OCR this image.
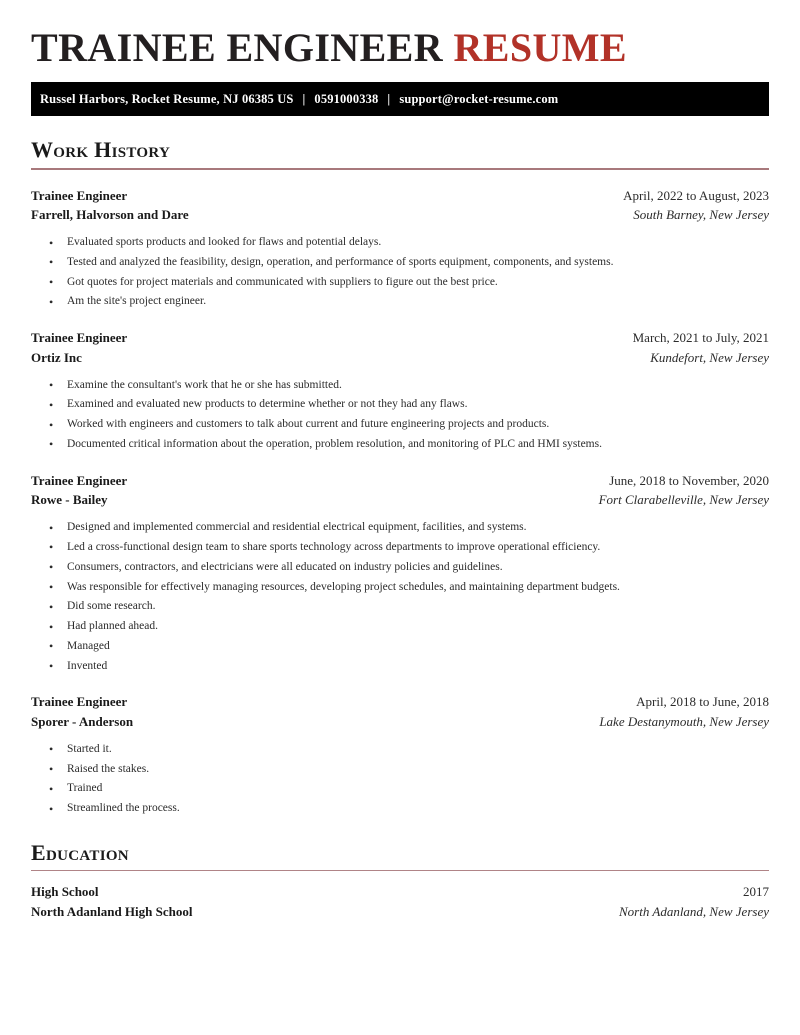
TRAINEE ENGINEER RESUME
Russel Harbors, Rocket Resume, NJ 06385 US | 0591000338 | support@rocket-resume.com
Work History
Trainee Engineer	April, 2022 to August, 2023
Farrell, Halvorson and Dare	South Barney, New Jersey
• Evaluated sports products and looked for flaws and potential delays.
• Tested and analyzed the feasibility, design, operation, and performance of sports equipment, components, and systems.
• Got quotes for project materials and communicated with suppliers to figure out the best price.
• Am the site's project engineer.
Trainee Engineer	March, 2021 to July, 2021
Ortiz Inc	Kundefort, New Jersey
• Examine the consultant's work that he or she has submitted.
• Examined and evaluated new products to determine whether or not they had any flaws.
• Worked with engineers and customers to talk about current and future engineering projects and products.
• Documented critical information about the operation, problem resolution, and monitoring of PLC and HMI systems.
Trainee Engineer	June, 2018 to November, 2020
Rowe - Bailey	Fort Clarabelleville, New Jersey
• Designed and implemented commercial and residential electrical equipment, facilities, and systems.
• Led a cross-functional design team to share sports technology across departments to improve operational efficiency.
• Consumers, contractors, and electricians were all educated on industry policies and guidelines.
• Was responsible for effectively managing resources, developing project schedules, and maintaining department budgets.
• Did some research.
• Had planned ahead.
• Managed
• Invented
Trainee Engineer	April, 2018 to June, 2018
Sporer - Anderson	Lake Destanymouth, New Jersey
• Started it.
• Raised the stakes.
• Trained
• Streamlined the process.
Education
High School	2017
North Adanland High School	North Adanland, New Jersey
